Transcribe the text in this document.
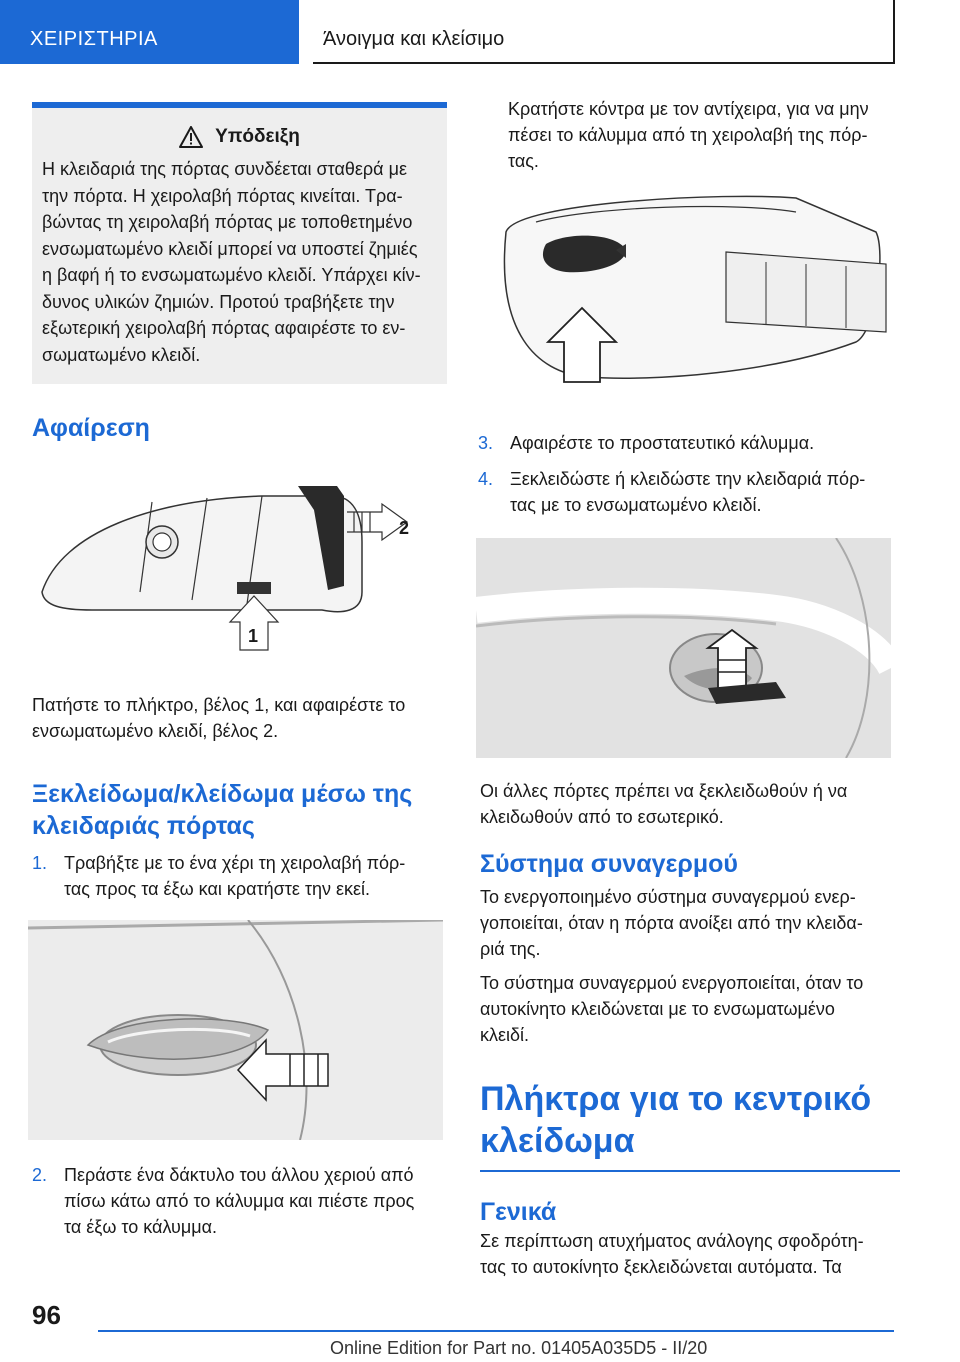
ΧΕΙΡΙΣΤΗΡΙΑ	Άνοιγμα και κλείσιμο
Υπόδειξη

Η κλειδαριά της πόρτας συνδέεται σταθερά με

την πόρτα. Η χειρολαβή πόρτας κινείται. Τρα-

βώντας τη χειρολαβή πόρτας με τοποθετημένο

ενσωματωμένο κλειδί μπορεί να υποστεί ζημιές

η βαφή ή το ενσωματωμένο κλειδί. Υπάρχει κίν-

δυνος υλικών ζημιών. Προτού τραβήξετε την

εξωτερική χειρολαβή πόρτας αφαιρέστε το εν-

σωματωμένο κλειδί.

Αφαίρεση
2
1

Πατήστε το πλήκτρο, βέλος 1, και αφαιρέστε το

ενσωματωμένο κλειδί, βέλος 2.

Ξεκλείδωμα/κλείδωμα μέσω της
κλειδαριάς πόρτας
1. Τραβήξτε με το ένα χέρι τη χειρολαβή πόρ-
τας προς τα έξω και κρατήστε την εκεί.
2. Περάστε ένα δάκτυλο του άλλου χεριού από
πίσω κάτω από το κάλυμμα και πιέστε προς
τα έξω το κάλυμμα.

Κρατήστε κόντρα με τον αντίχειρα, για να μην

πέσει το κάλυμμα από τη χειρολαβή της πόρ-

τας.

3. Αφαιρέστε το προστατευτικό κάλυμμα.
4. Ξεκλειδώστε ή κλειδώστε την κλειδαριά πόρ-
τας με το ενσωματωμένο κλειδί.

Οι άλλες πόρτες πρέπει να ξεκλειδωθούν ή να

κλειδωθούν από το εσωτερικό.

Σύστημα συναγερμού

Το ενεργοποιημένο σύστημα συναγερμού ενερ-

γοποιείται, όταν η πόρτα ανοίξει από την κλειδα-

ριά της.

Το σύστημα συναγερμού ενεργοποιείται, όταν το

αυτοκίνητο κλειδώνεται με το ενσωματωμένο

κλειδί.

Πλήκτρα για το κεντρικό
κλείδωμα
Γενικά

Σε περίπτωση ατυχήματος ανάλογης σφοδρότη-

τας το αυτοκίνητο ξεκλειδώνεται αυτόματα. Τα

96
Online Edition for Part no. 01405A035D5 - II/20
